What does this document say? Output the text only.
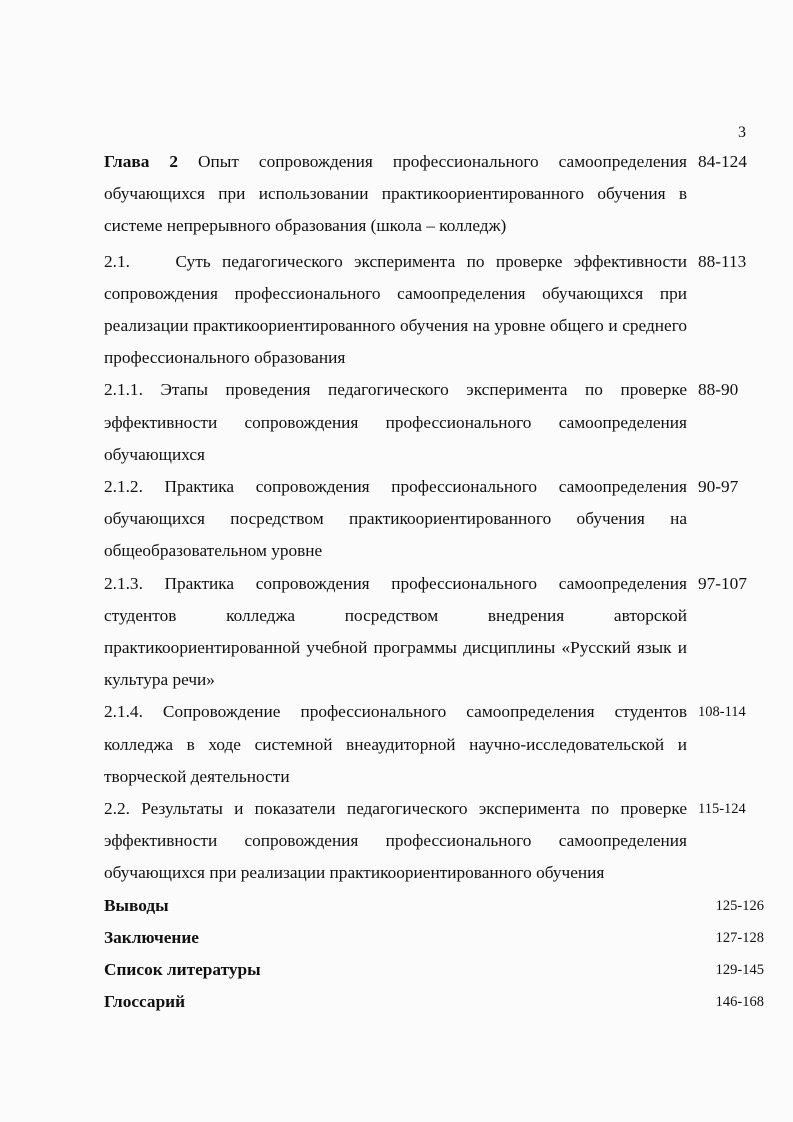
3
Глава 2 Опыт сопровождения профессионального самоопределения обучающихся при использовании практикоориентированного обучения в системе непрерывного образования (школа – колледж)
84-124
2.1.	Суть педагогического эксперимента по проверке эффективности сопровождения профессионального самоопределения обучающихся при реализации практикоориентированного обучения на уровне общего и среднего профессионального образования
88-113
2.1.1. Этапы проведения педагогического эксперимента по проверке эффективности сопровождения профессионального самоопределения обучающихся
88-90
2.1.2. Практика сопровождения профессионального самоопределения обучающихся посредством практикоориентированного обучения на общеобразовательном уровне
90-97
2.1.3. Практика сопровождения профессионального самоопределения студентов колледжа посредством внедрения авторской практикоориентированной учебной программы дисциплины «Русский язык и культура речи»
97-107
2.1.4. Сопровождение профессионального самоопределения студентов колледжа в ходе системной внеаудиторной научно-исследовательской и творческой деятельности
108-114
2.2. Результаты и показатели педагогического эксперимента по проверке эффективности сопровождения профессионального самоопределения обучающихся при реализации практикоориентированного обучения
115-124
Выводы	125-126
Заключение	127-128
Список литературы	129-145
Глоссарий	146-168
